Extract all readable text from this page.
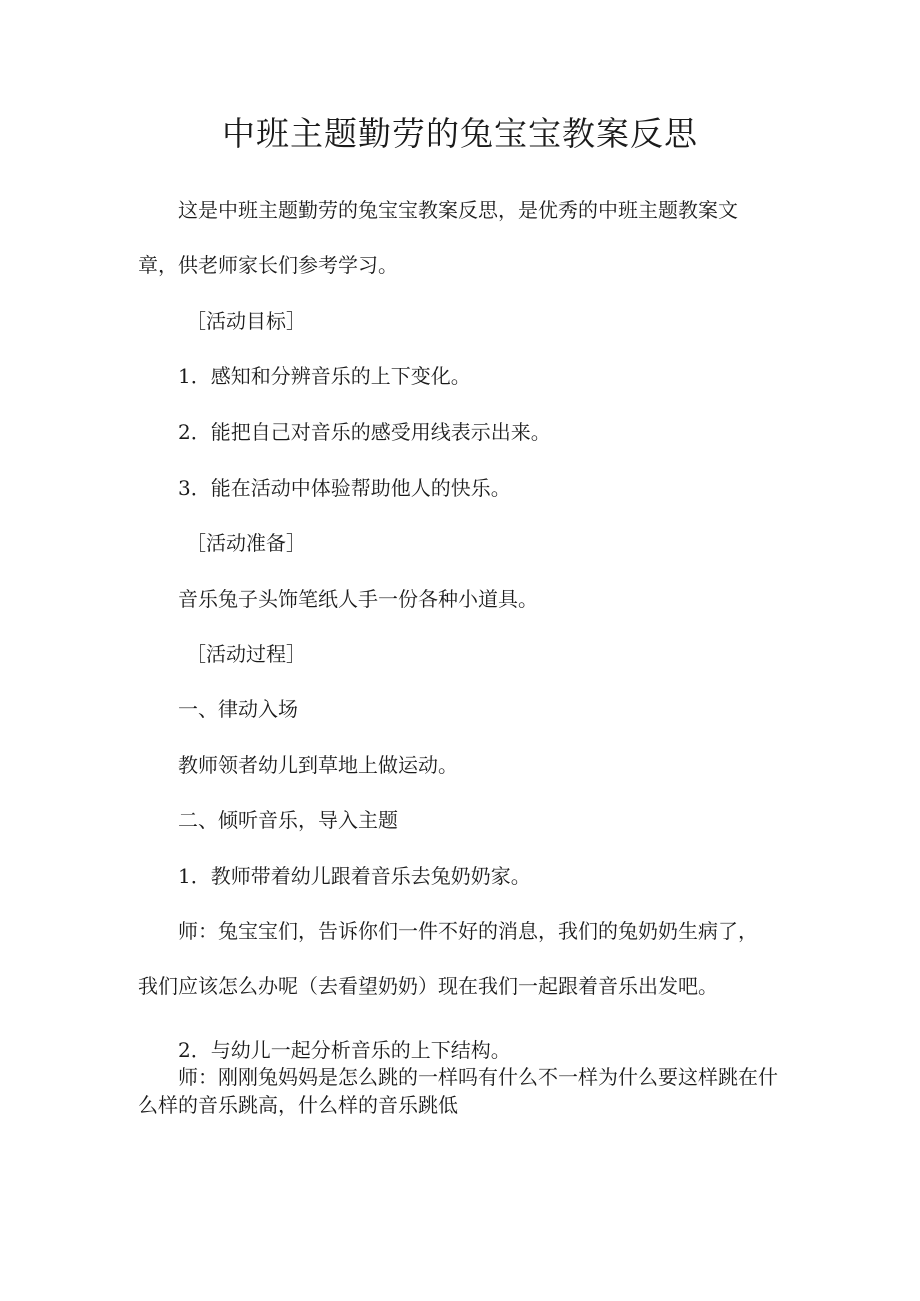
中班主题勤劳的兔宝宝教案反思
这是中班主题勤劳的兔宝宝教案反思，是优秀的中班主题教案文
章，供老师家长们参考学习。
［活动目标］
1．感知和分辨音乐的上下变化。
2．能把自己对音乐的感受用线表示出来。
3．能在活动中体验帮助他人的快乐。
［活动准备］
音乐兔子头饰笔纸人手一份各种小道具。
［活动过程］
一、律动入场
教师领者幼儿到草地上做运动。
二、倾听音乐，导入主题
1．教师带着幼儿跟着音乐去兔奶奶家。
师：兔宝宝们，告诉你们一件不好的消息，我们的兔奶奶生病了，
我们应该怎么办呢（去看望奶奶）现在我们一起跟着音乐出发吧。
2．与幼儿一起分析音乐的上下结构。
师：刚刚兔妈妈是怎么跳的一样吗有什么不一样为什么要这样跳在什
么样的音乐跳高，什么样的音乐跳低
